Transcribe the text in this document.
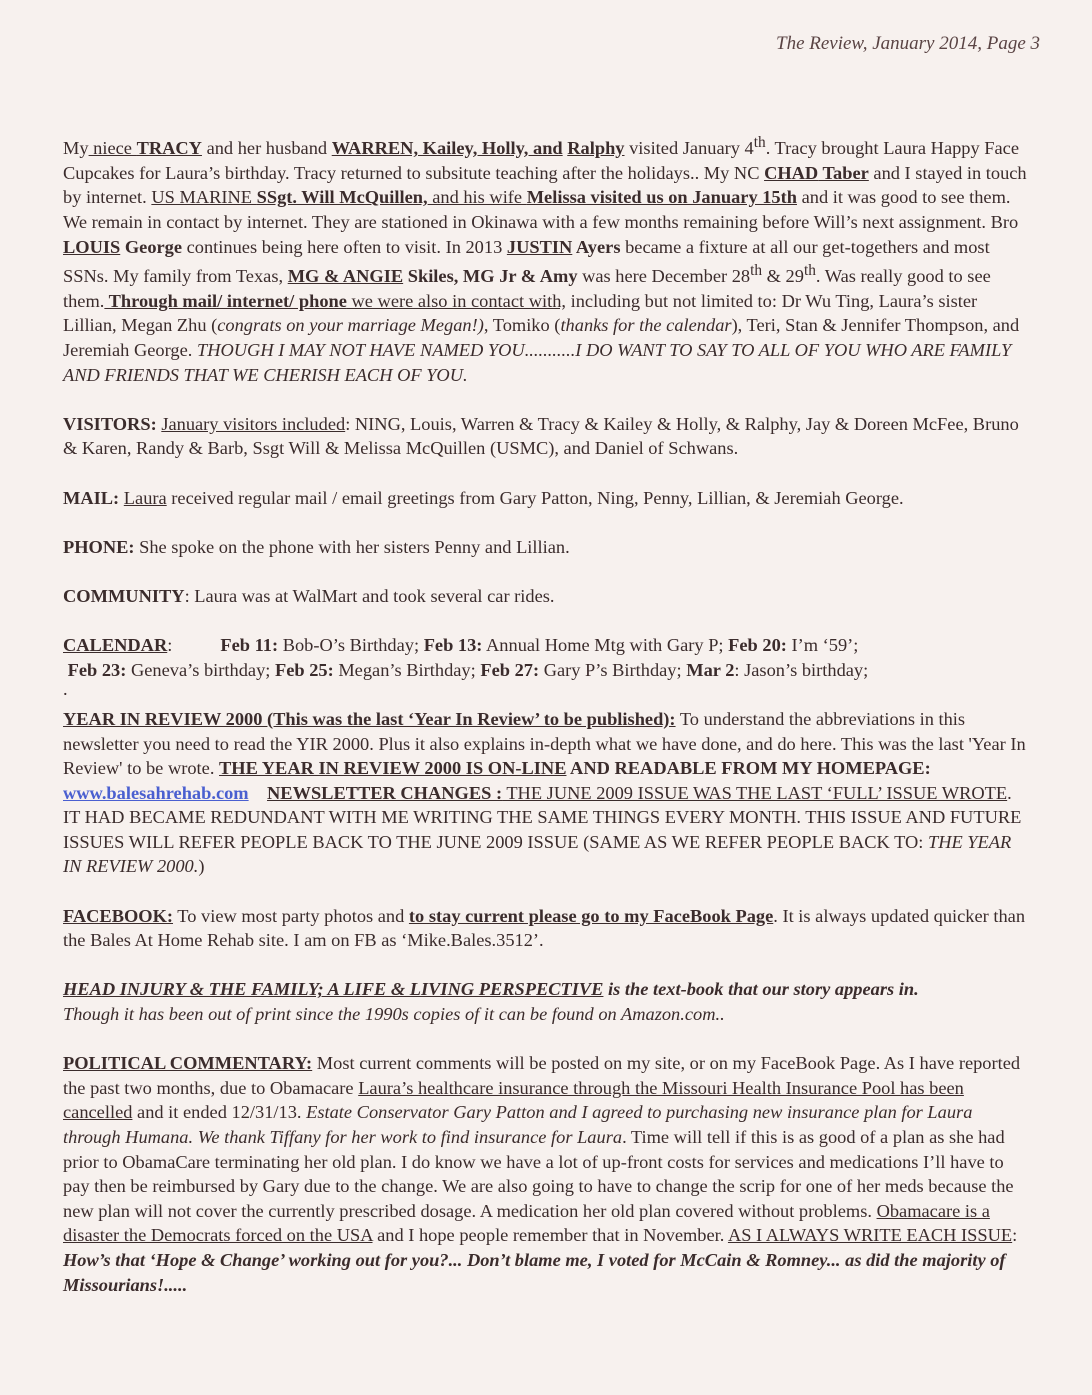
The Review, January 2014, Page 3

My niece TRACY and her husband WARREN, Kailey, Holly, and Ralphy visited January 4th. Tracy brought Laura Happy Face Cupcakes for Laura’s birthday. Tracy returned to subsitute teaching after the holidays.. My NC CHAD Taber and I stayed in touch by internet. US MARINE SSgt. Will McQuillen, and his wife Melissa visited us on January 15th and it was good to see them. We remain in contact by internet. They are stationed in Okinawa with a few months remaining before Will’s next assignment. Bro LOUIS George continues being here often to visit. In 2013 JUSTIN Ayers became a fixture at all our get-togethers and most SSNs. My family from Texas, MG & ANGIE Skiles, MG Jr & Amy was here December 28th & 29th. Was really good to see them. Through mail/ internet/ phone we were also in contact with, including but not limited to: Dr Wu Ting, Laura’s sister Lillian, Megan Zhu (congrats on your marriage Megan!), Tomiko (thanks for the calendar), Teri, Stan & Jennifer Thompson, and Jeremiah George. THOUGH I MAY NOT HAVE NAMED YOU...........I DO WANT TO SAY TO ALL OF YOU WHO ARE FAMILY AND FRIENDS THAT WE CHERISH EACH OF YOU.

VISITORS: January visitors included: NING, Louis, Warren & Tracy & Kailey & Holly, & Ralphy, Jay & Doreen McFee, Bruno & Karen, Randy & Barb, Ssgt Will & Melissa McQuillen (USMC), and Daniel of Schwans.

MAIL: Laura received regular mail / email greetings from Gary Patton, Ning, Penny, Lillian, & Jeremiah George.

PHONE: She spoke on the phone with her sisters Penny and Lillian.

COMMUNITY: Laura was at WalMart and took several car rides.

CALENDAR:	Feb 11: Bob-O’s Birthday; Feb 13: Annual Home Mtg with Gary P; Feb 20: I’m ‘59’;
Feb 23: Geneva’s birthday; Feb 25: Megan’s Birthday; Feb 27: Gary P’s Birthday; Mar 2: Jason’s birthday;

.

YEAR IN REVIEW 2000 (This was the last ‘Year In Review’ to be published): To understand the abbreviations in this newsletter you need to read the YIR 2000. Plus it also explains in-depth what we have done, and do here. This was the last 'Year In Review' to be wrote. THE YEAR IN REVIEW 2000 IS ON-LINE AND READABLE FROM MY HOMEPAGE: www.balesahrehab.com NEWSLETTER CHANGES : THE JUNE 2009 ISSUE WAS THE LAST ‘FULL’ ISSUE WROTE. IT HAD BECAME REDUNDANT WITH ME WRITING THE SAME THINGS EVERY MONTH. THIS ISSUE AND FUTURE ISSUES WILL REFER PEOPLE BACK TO THE JUNE 2009 ISSUE (SAME AS WE REFER PEOPLE BACK TO: THE YEAR IN REVIEW 2000.)

FACEBOOK: To view most party photos and to stay current please go to my FaceBook Page. It is always updated quicker than the Bales At Home Rehab site. I am on FB as ‘Mike.Bales.3512’.

HEAD INJURY & THE FAMILY; A LIFE & LIVING PERSPECTIVE is the text-book that our story appears in.
Though it has been out of print since the 1990s copies of it can be found on Amazon.com..

POLITICAL COMMENTARY: Most current comments will be posted on my site, or on my FaceBook Page. As I have reported the past two months, due to Obamacare Laura’s healthcare insurance through the Missouri Health Insurance Pool has been cancelled and it ended 12/31/13. Estate Conservator Gary Patton and I agreed to purchasing new insurance plan for Laura through Humana. We thank Tiffany for her work to find insurance for Laura. Time will tell if this is as good of a plan as she had prior to ObamaCare terminating her old plan. I do know we have a lot of up-front costs for services and medications I’ll have to pay then be reimbursed by Gary due to the change. We are also going to have to change the scrip for one of her meds because the new plan will not cover the currently prescribed dosage. A medication her old plan covered without problems. Obamacare is a disaster the Democrats forced on the USA and I hope people remember that in November. AS I ALWAYS WRITE EACH ISSUE: How’s that ‘Hope & Change’ working out for you?... Don’t blame me, I voted for McCain & Romney... as did the majority of Missourians!.....
